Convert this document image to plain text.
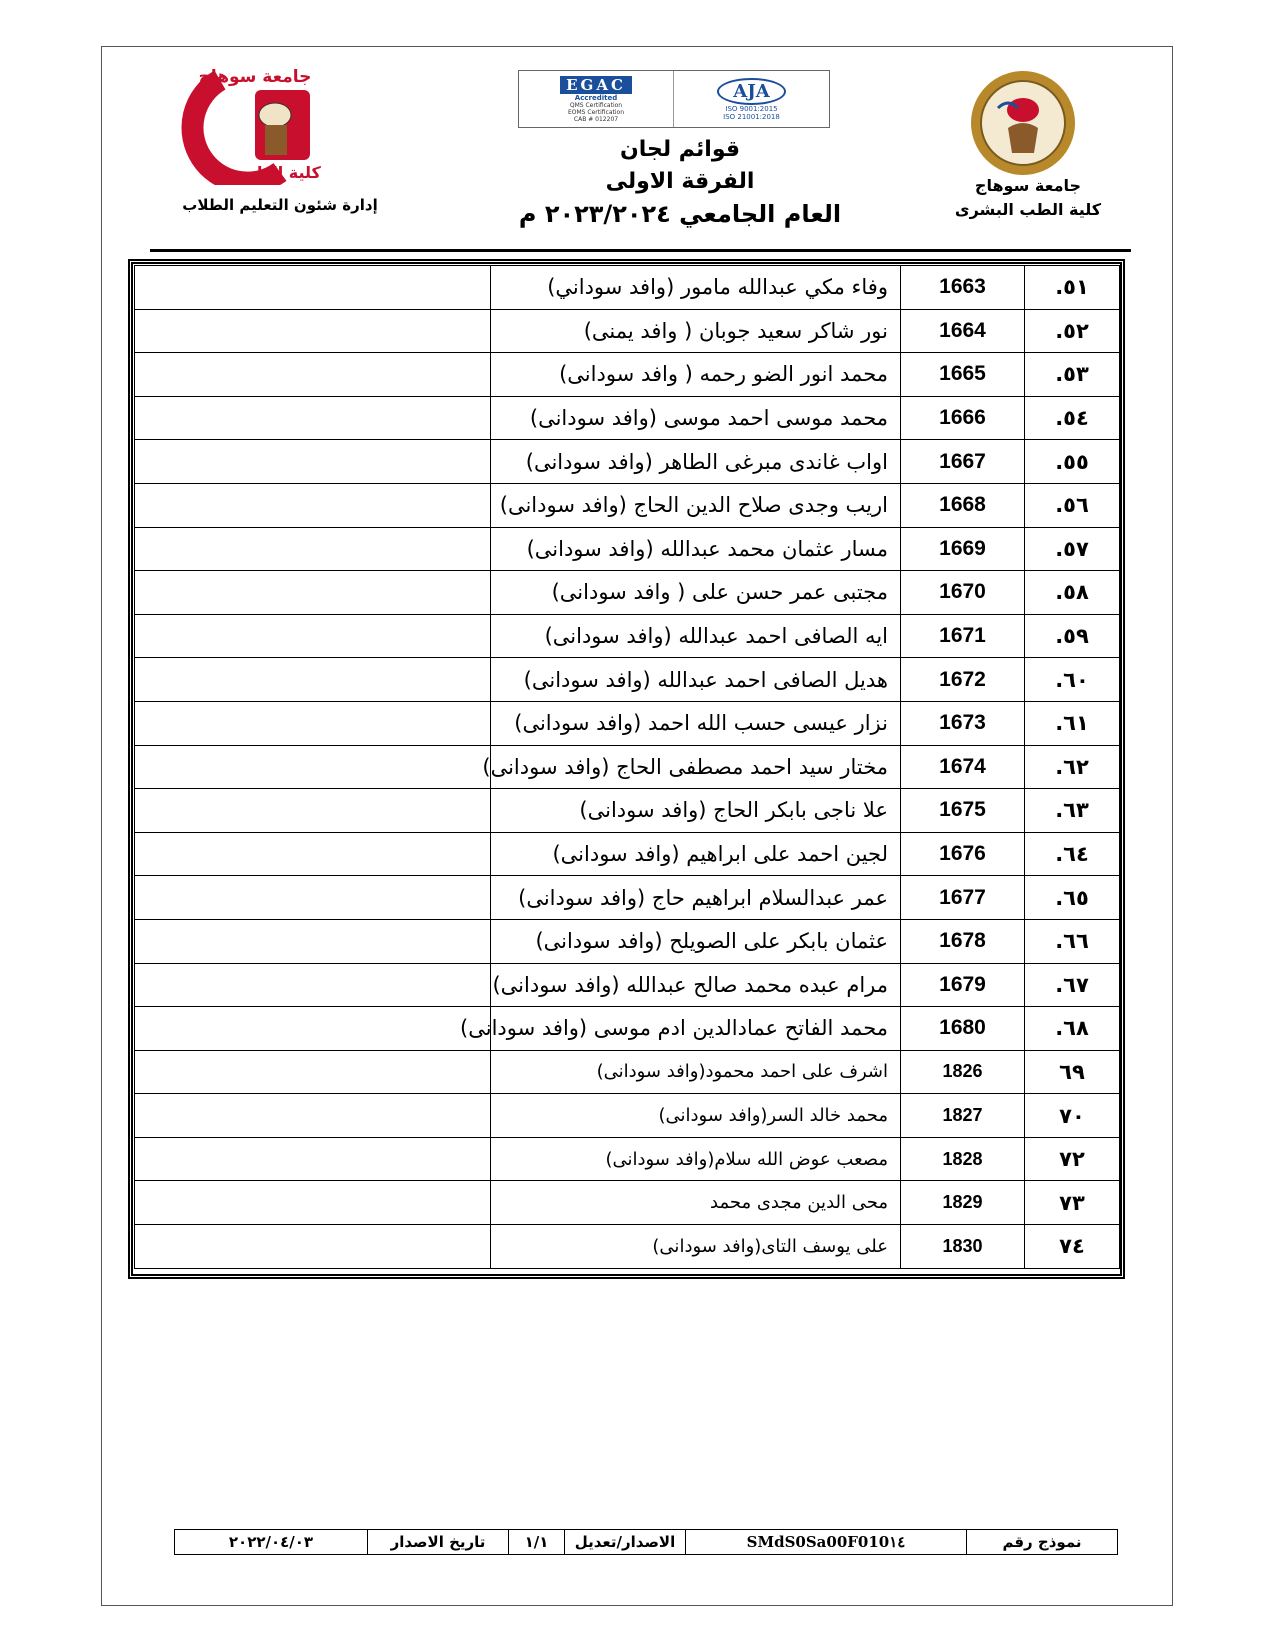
جامعة سوهاج
كلية الطب
EGAC
Accredited
QMS Certification
EOMS Certification
CAB # 012207
AJA
ISO 9001:2015
ISO 21001:2018
قوائم لجان
الفرقة الاولى
العام الجامعي ٢٠٢٣/٢٠٢٤ م
إدارة شئون التعليم الطلاب
جامعة سوهاج
كلية الطب البشرى
٥١.	1663	وفاء مكي عبدالله مامور (وافد سوداني)	
٥٢.	1664	نور شاكر سعيد جوبان ( وافد يمنى)	
٥٣.	1665	محمد انور الضو رحمه ( وافد سودانى)	
٥٤.	1666	محمد موسى احمد موسى (وافد سودانى)	
٥٥.	1667	اواب غاندى مبرغى الطاهر (وافد سودانى)	
٥٦.	1668	اريب وجدى صلاح الدين الحاج (وافد سودانى)	
٥٧.	1669	مسار عثمان محمد عبدالله (وافد سودانى)	
٥٨.	1670	مجتبى عمر حسن على ( وافد سودانى)	
٥٩.	1671	ايه الصافى احمد عبدالله (وافد سودانى)	
٦٠.	1672	هديل الصافى احمد عبدالله (وافد سودانى)	
٦١.	1673	نزار عيسى حسب الله احمد (وافد سودانى)	
٦٢.	1674	مختار سيد احمد مصطفى الحاج (وافد سودانى)	
٦٣.	1675	علا ناجى بابكر الحاج (وافد سودانى)	
٦٤.	1676	لجين احمد على ابراهيم (وافد سودانى)	
٦٥.	1677	عمر عبدالسلام ابراهيم حاج (وافد سودانى)	
٦٦.	1678	عثمان بابكر على الصويلح (وافد سودانى)	
٦٧.	1679	مرام عبده محمد صالح عبدالله (وافد سودانى)	
٦٨.	1680	محمد الفاتح عمادالدين ادم موسى (وافد سودانى)	
٦٩	1826	اشرف على احمد محمود(وافد سودانى)	
٧٠	1827	محمد خالد السر(وافد سودانى)	
٧٢	1828	مصعب عوض الله سلام(وافد سودانى)	
٧٣	1829	محى الدين مجدى محمد	
٧٤	1830	على يوسف التاى(وافد سودانى)	
نموذج رقم	SMdS0Sa00F010١٤	الاصدار/تعديل	١/١	تاريخ الاصدار	٢٠٢٢/٠٤/٠٣
